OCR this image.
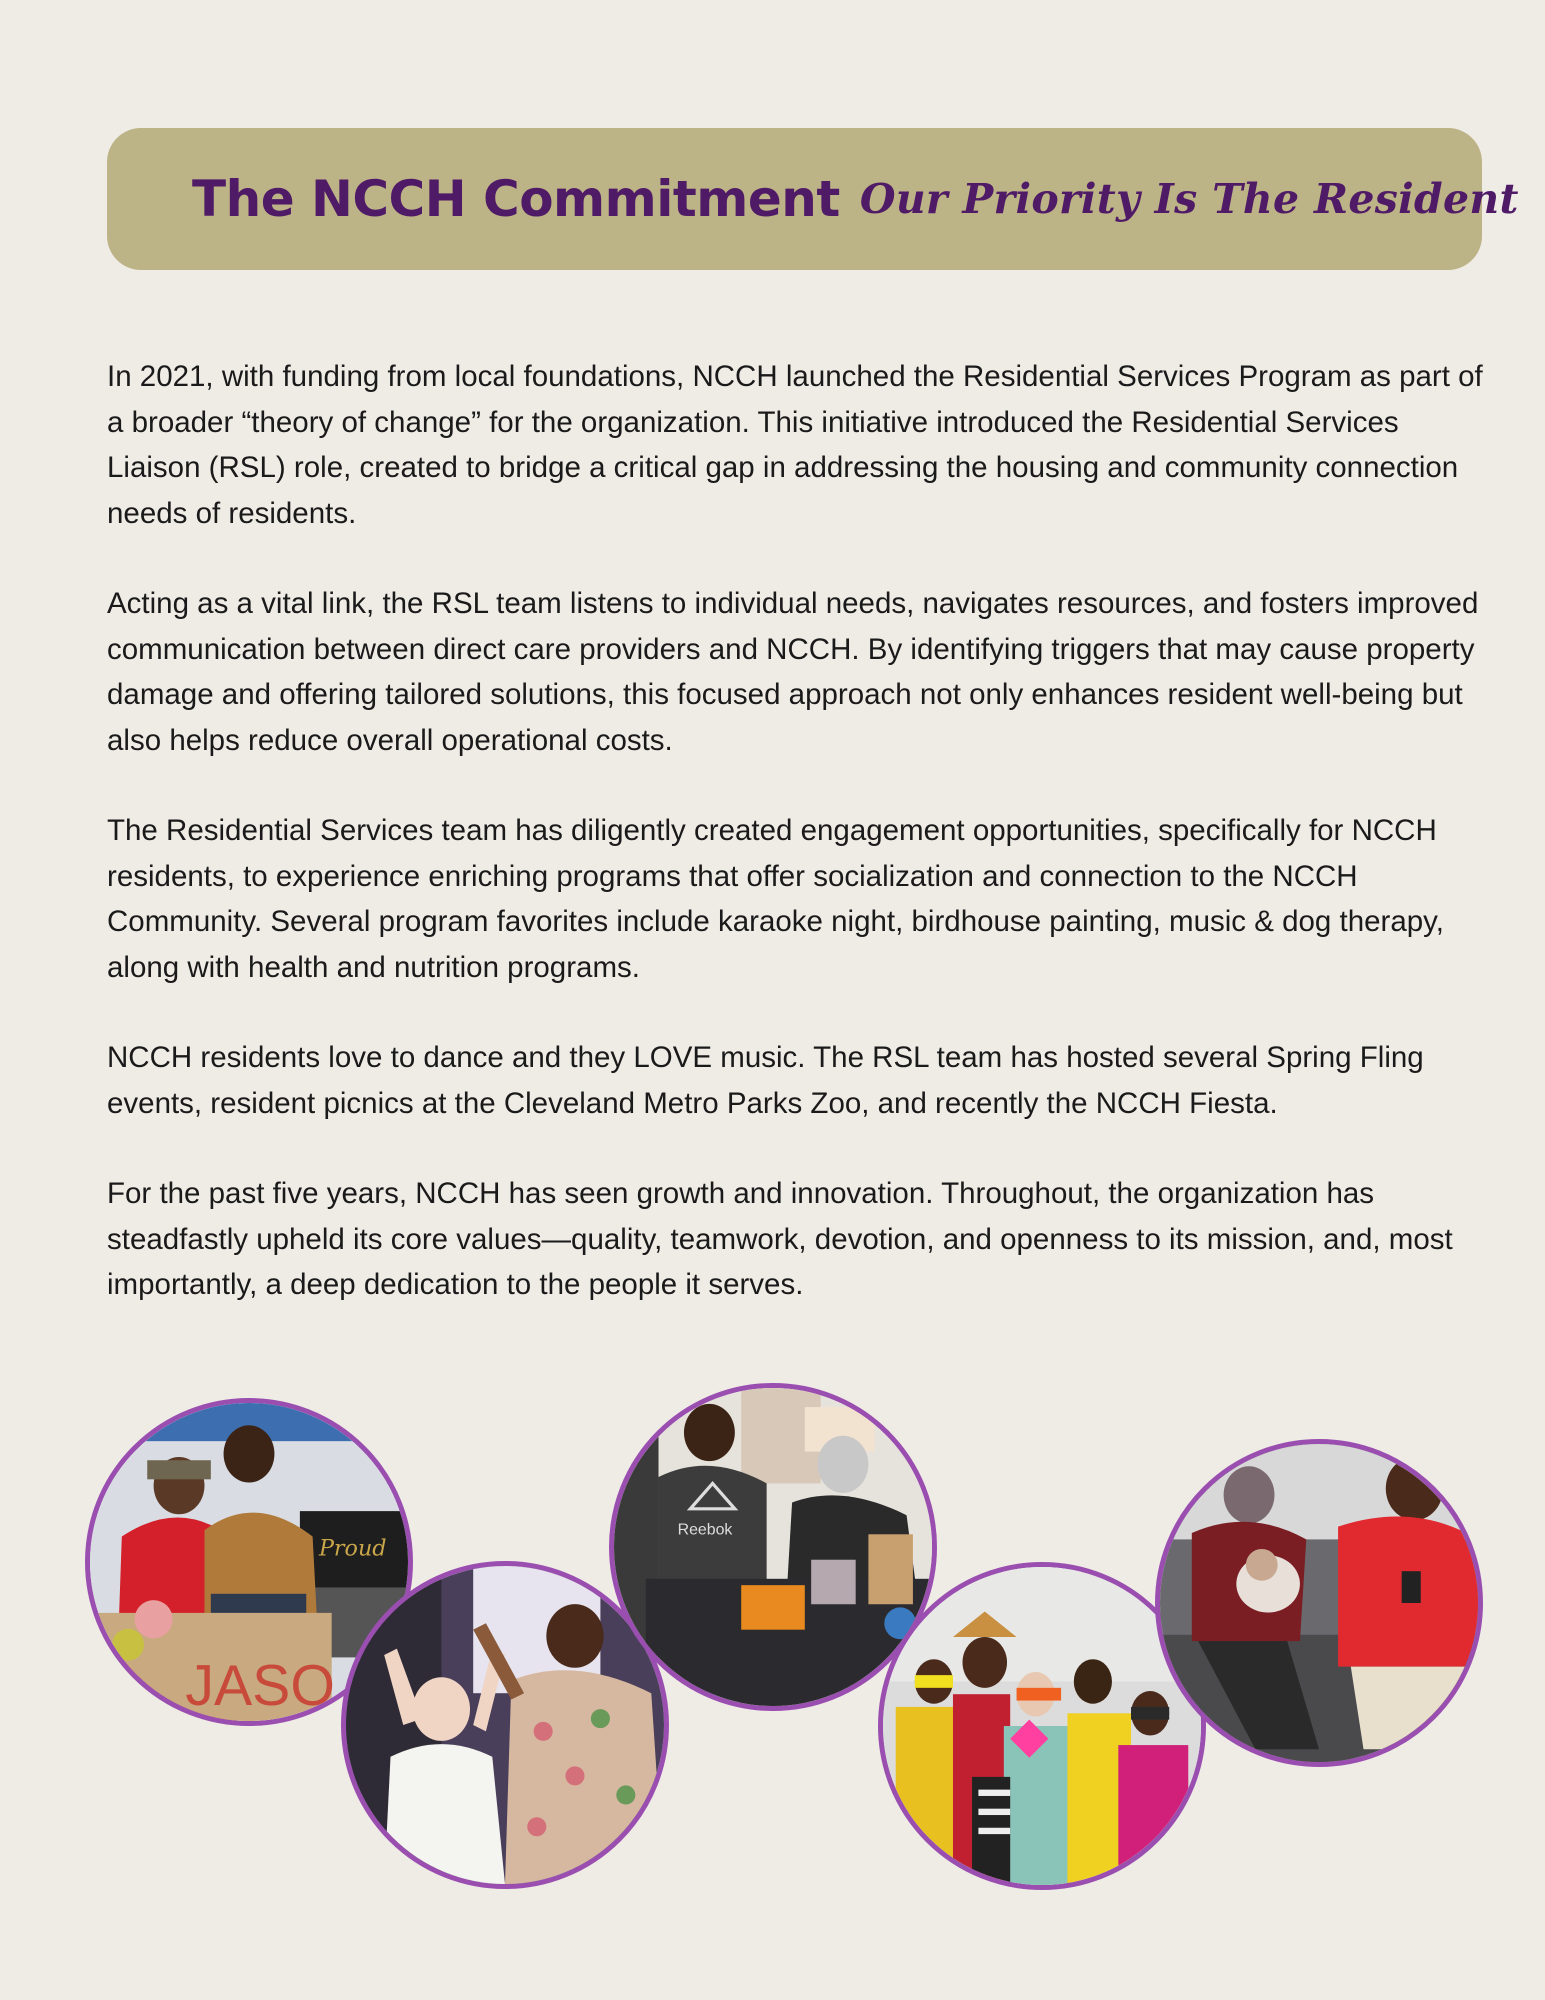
The NCCH Commitment Our Priority Is The Resident

In 2021, with funding from local foundations, NCCH launched the Residential Services Program as part of a broader “theory of change” for the organization. This initiative introduced the Residential Services Liaison (RSL) role, created to bridge a critical gap in addressing the housing and community connection needs of residents.

Acting as a vital link, the RSL team listens to individual needs, navigates resources, and fosters improved communication between direct care providers and NCCH. By identifying triggers that may cause property damage and offering tailored solutions, this focused approach not only enhances resident well-being but also helps reduce overall operational costs.

The Residential Services team has diligently created engagement opportunities, specifically for NCCH residents, to experience enriching programs that offer socialization and connection to the NCCH Community. Several program favorites include karaoke night, birdhouse painting, music & dog therapy, along with health and nutrition programs.

NCCH residents love to dance and they LOVE music. The RSL team has hosted several Spring Fling events, resident picnics at the Cleveland Metro Parks Zoo, and recently the NCCH Fiesta.

For the past five years, NCCH has seen growth and innovation. Throughout, the organization has steadfastly upheld its core values—quality, teamwork, devotion, and openness to its mission, and, most importantly, a deep dedication to the people it serves.

Proud
JASO
Reebok
